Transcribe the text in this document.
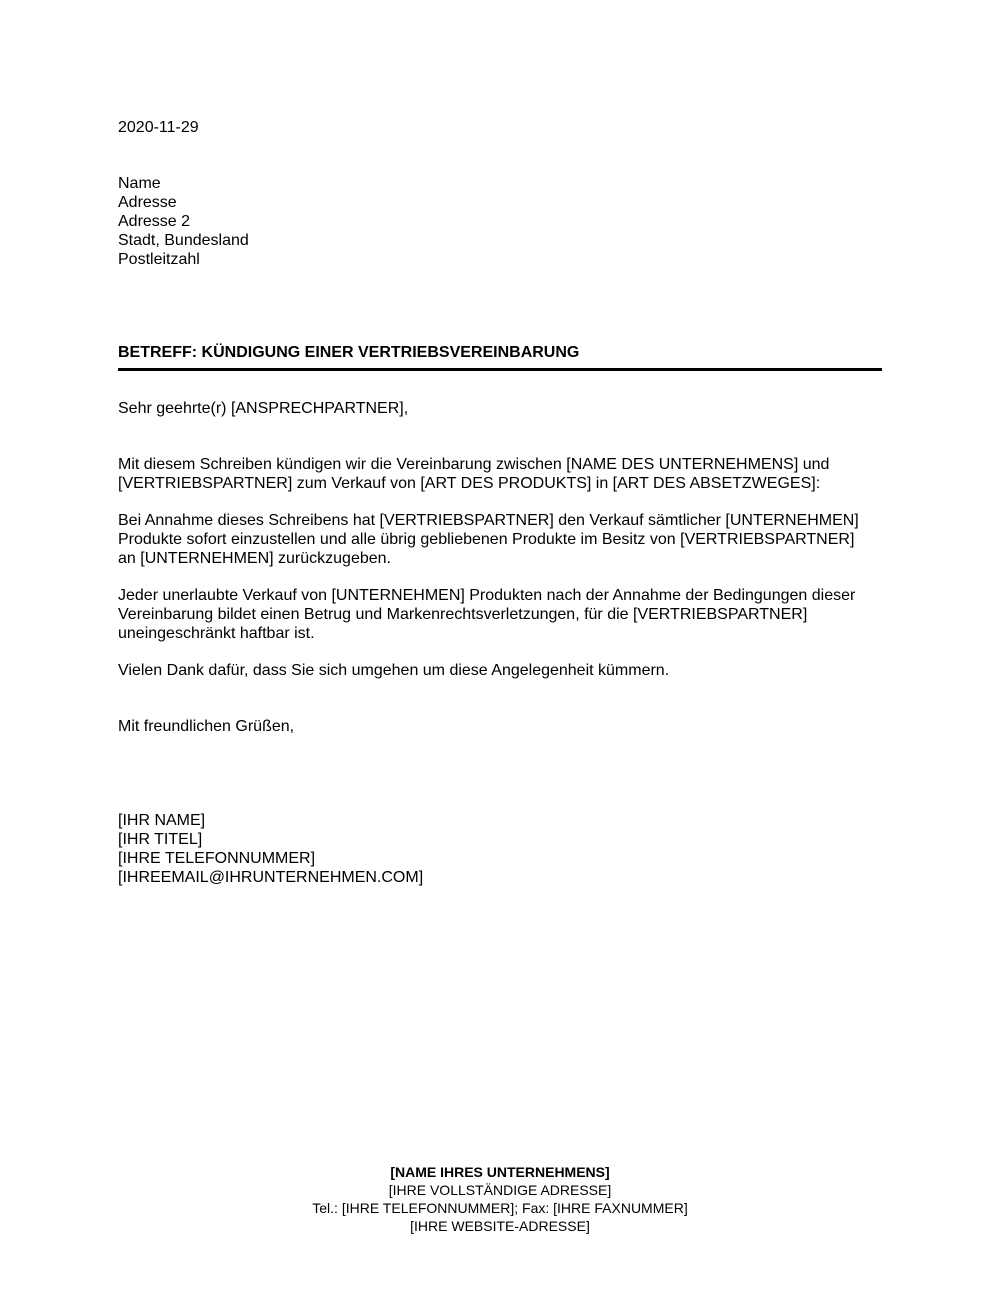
2020-11-29
Name
Adresse
Adresse 2
Stadt, Bundesland
Postleitzahl
BETREFF: KÜNDIGUNG EINER VERTRIEBSVEREINBARUNG
Sehr geehrte(r) [ANSPRECHPARTNER],
Mit diesem Schreiben kündigen wir die Vereinbarung zwischen [NAME DES UNTERNEHMENS] und
[VERTRIEBSPARTNER] zum Verkauf von [ART DES PRODUKTS] in [ART DES ABSETZWEGES]:
Bei Annahme dieses Schreibens hat [VERTRIEBSPARTNER] den Verkauf sämtlicher [UNTERNEHMEN]
Produkte sofort einzustellen und alle übrig gebliebenen Produkte im Besitz von [VERTRIEBSPARTNER]
an [UNTERNEHMEN] zurückzugeben.
Jeder unerlaubte Verkauf von [UNTERNEHMEN] Produkten nach der Annahme der Bedingungen dieser
Vereinbarung bildet einen Betrug und Markenrechtsverletzungen, für die [VERTRIEBSPARTNER]
uneingeschränkt haftbar ist.
Vielen Dank dafür, dass Sie sich umgehen um diese Angelegenheit kümmern.
Mit freundlichen Grüßen,
[IHR NAME]
[IHR TITEL]
[IHRE TELEFONNUMMER]
[IHREEMAIL@IHRUNTERNEHMEN.COM]
[NAME IHRES UNTERNEHMENS]
[IHRE VOLLSTÄNDIGE ADRESSE]
Tel.: [IHRE TELEFONNUMMER]; Fax: [IHRE FAXNUMMER]
[IHRE WEBSITE-ADRESSE]
